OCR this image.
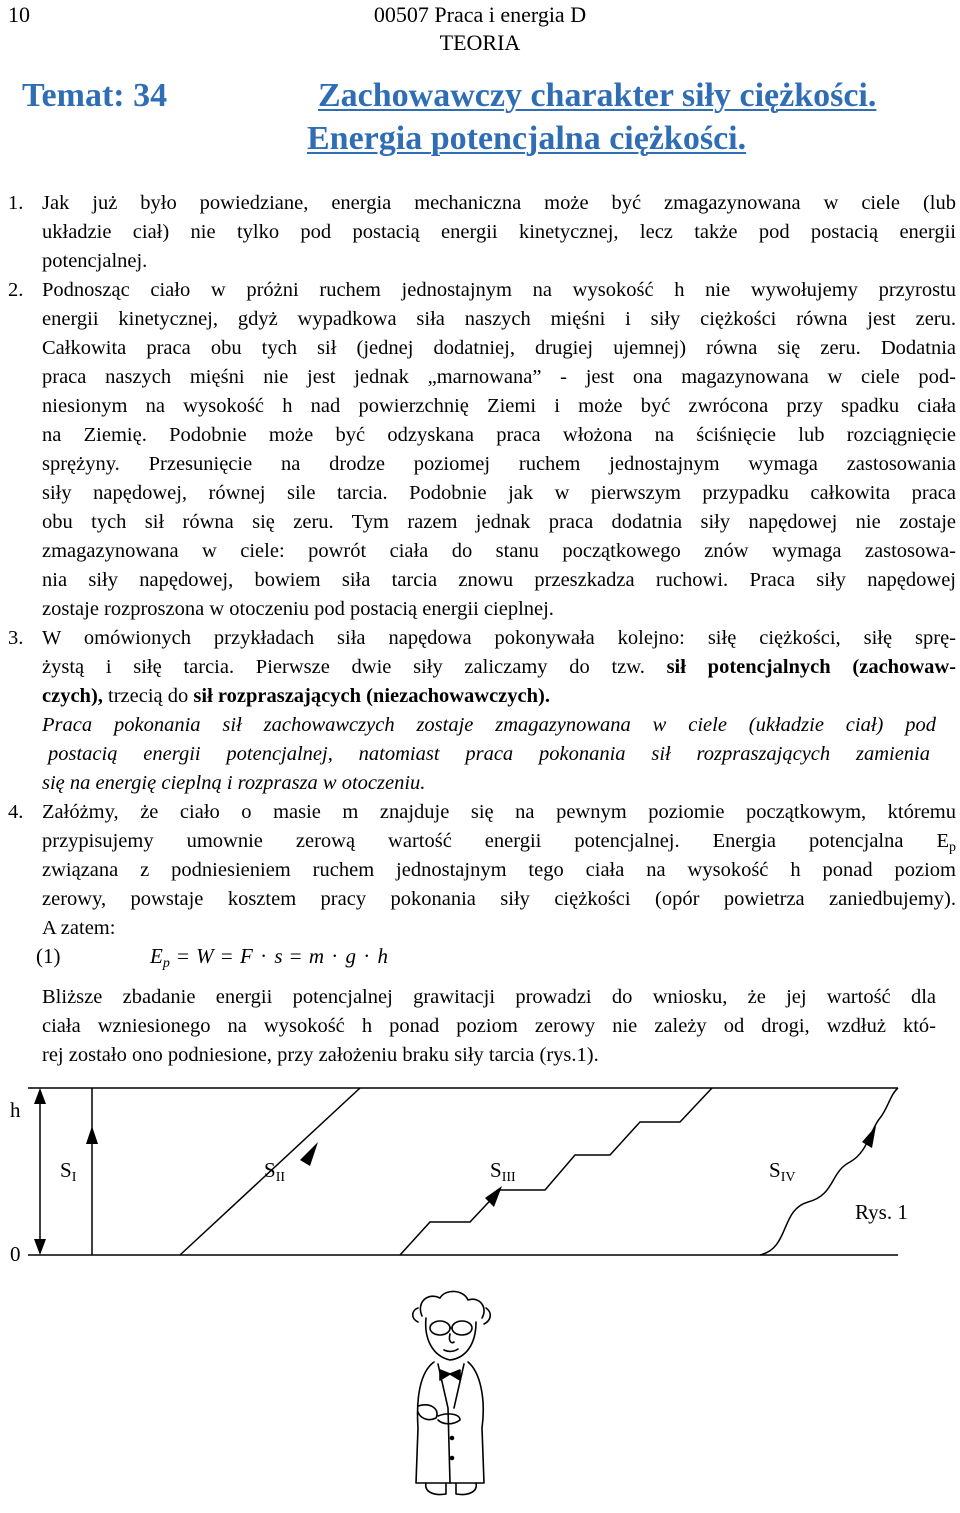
10	00507 Praca i energia D
TEORIA
Temat: 34	Zachowawczy charakter siły ciężkości.
Energia potencjalna ciężkości.
1. Jak już było powiedziane, energia mechaniczna może być zmagazynowana w ciele (lub
układzie ciał) nie tylko pod postacią energii kinetycznej, lecz także pod postacią energii
potencjalnej.
2. Podnosząc ciało w próżni ruchem jednostajnym na wysokość h nie wywołujemy przyrostu
energii kinetycznej, gdyż wypadkowa siła naszych mięśni i siły ciężkości równa jest zeru.
Całkowita praca obu tych sił (jednej dodatniej, drugiej ujemnej) równa się zeru. Dodatnia
praca naszych mięśni nie jest jednak „marnowana” - jest ona magazynowana w ciele pod-
niesionym na wysokość h nad powierzchnię Ziemi i może być zwrócona przy spadku ciała
na Ziemię. Podobnie może być odzyskana praca włożona na ściśnięcie lub rozciągnięcie
sprężyny. Przesunięcie na drodze poziomej ruchem jednostajnym wymaga zastosowania
siły napędowej, równej sile tarcia. Podobnie jak w pierwszym przypadku całkowita praca
obu tych sił równa się zeru. Tym razem jednak praca dodatnia siły napędowej nie zostaje
zmagazynowana w ciele: powrót ciała do stanu początkowego znów wymaga zastosowa-
nia siły napędowej, bowiem siła tarcia znowu przeszkadza ruchowi. Praca siły napędowej
zostaje rozproszona w otoczeniu pod postacią energii cieplnej.
3. W omówionych przykładach siła napędowa pokonywała kolejno: siłę ciężkości, siłę sprę-
żystą i siłę tarcia. Pierwsze dwie siły zaliczamy do tzw. sił potencjalnych (zachowaw-
czych), trzecią do sił rozpraszających (niezachowawczych).
Praca pokonania sił zachowawczych zostaje zmagazynowana w ciele (układzie ciał) pod
postacią energii potencjalnej, natomiast praca pokonania sił rozpraszających zamienia
się na energię cieplną i rozprasza w otoczeniu.
4. Załóżmy, że ciało o masie m znajduje się na pewnym poziomie początkowym, któremu
przypisujemy umownie zerową wartość energii potencjalnej. Energia potencjalna $E_p$
związana z podniesieniem ruchem jednostajnym tego ciała na wysokość h ponad poziom
zerowy, powstaje kosztem pracy pokonania siły ciężkości (opór powietrza zaniedbujemy).
A zatem:
(1)	$E_p = W = F \cdot s = m \cdot g \cdot h$
Bliższe zbadanie energii potencjalnej grawitacji prowadzi do wniosku, że jej wartość dla
ciała wzniesionego na wysokość h ponad poziom zerowy nie zależy od drogi, wzdłuż któ-
rej zostało ono podniesione, przy założeniu braku siły tarcia (rys.1).
h
0
$S_I$	$S_{II}$	$S_{III}$	$S_{IV}$
Rys. 1
